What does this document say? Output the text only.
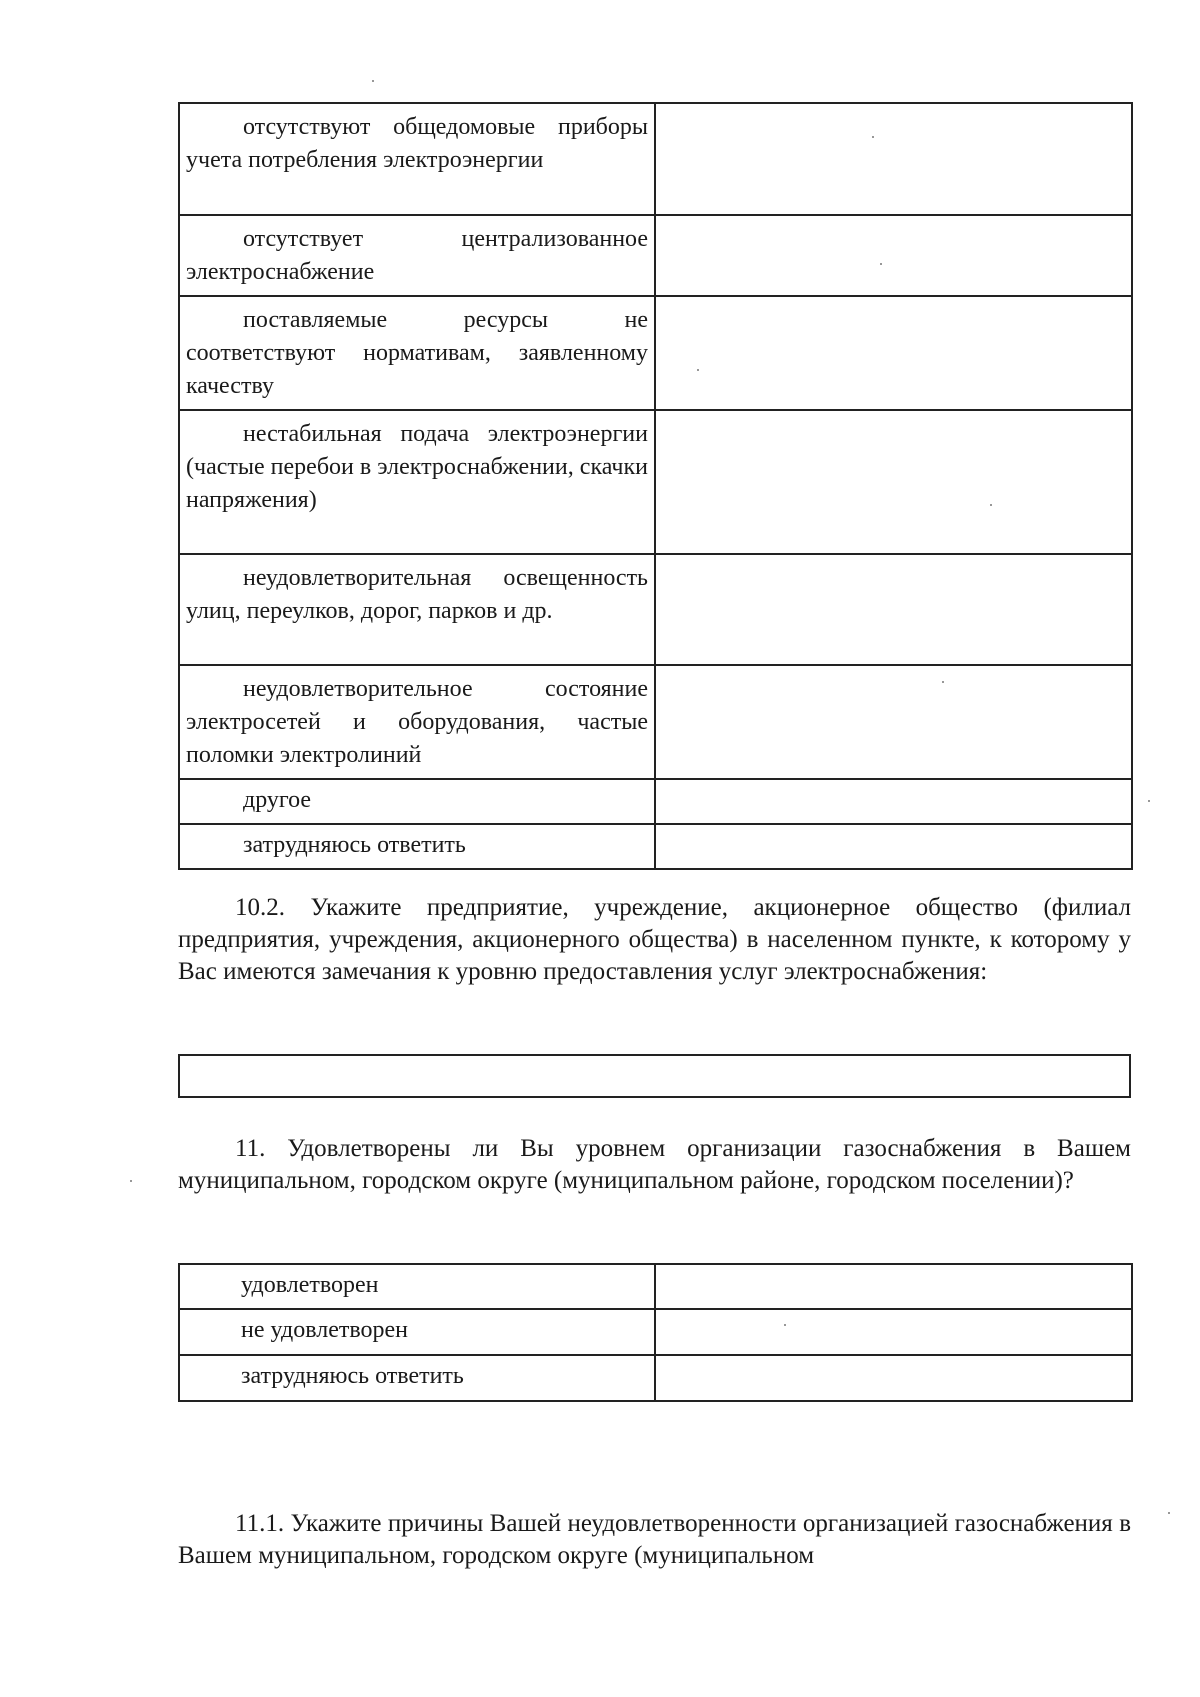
отсутствуют общедомовые приборы учета потребления электроэнергии	

отсутствует централизованное электроснабжение	

поставляемые ресурсы не соответствуют нормативам, заявленному качеству	

нестабильная подача электроэнергии (частые перебои в электроснабжении, скачки напряжения)	

неудовлетворительная освещенность улиц, переулков, дорог, парков и др.	

неудовлетворительное состояние электросетей и оборудования, частые поломки электролиний	

другое	

затрудняюсь ответить	

10.2. Укажите предприятие, учреждение, акционерное общество (филиал предприятия, учреждения, акционерного общества) в населенном пункте, к которому у Вас имеются замечания к уровню предоставления услуг электроснабжения:

11. Удовлетворены ли Вы уровнем организации газоснабжения в Вашем муниципальном, городском округе (муниципальном районе, городском поселении)?

удовлетворен	

не удовлетворен	

затрудняюсь ответить	

11.1. Укажите причины Вашей неудовлетворенности организацией газоснабжения в Вашем муниципальном, городском округе (муниципальном
